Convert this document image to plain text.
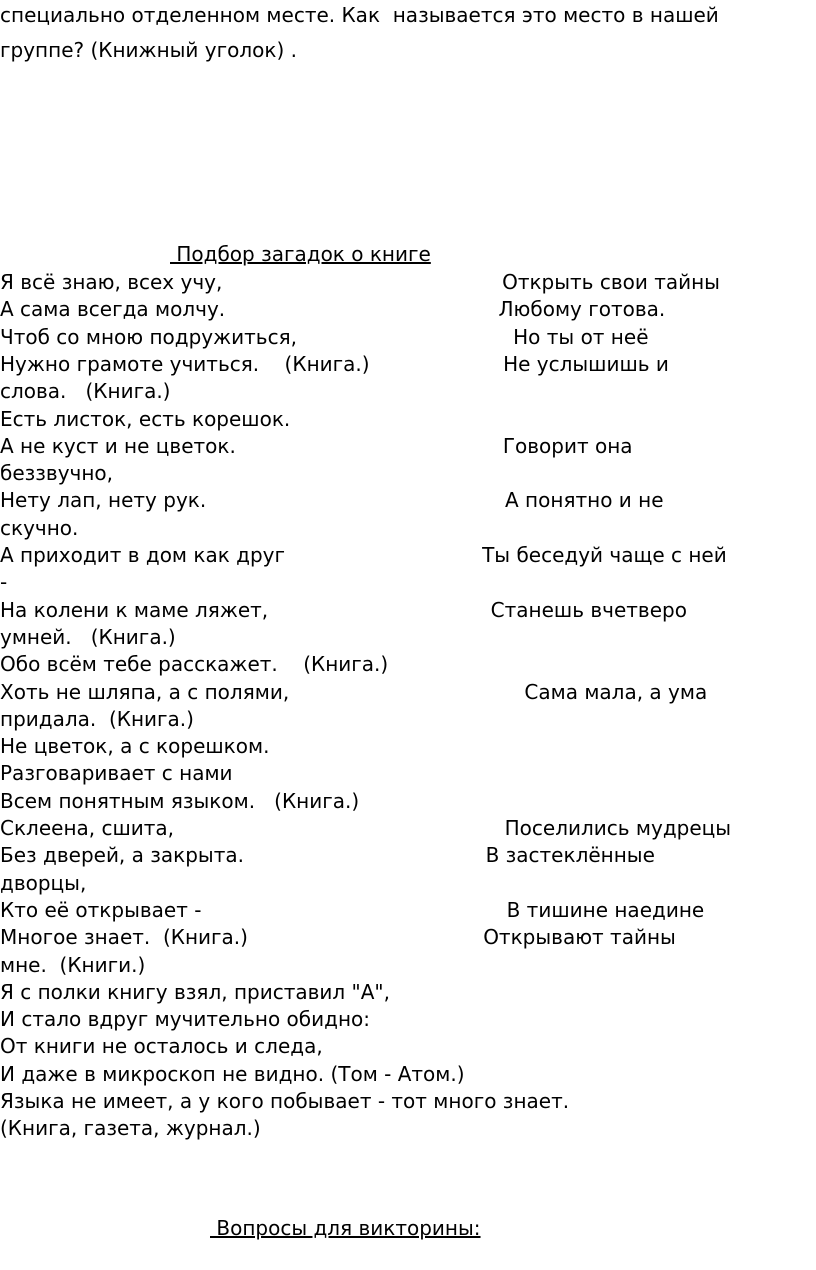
специально отделенном месте. Как  называется это место в нашей
группе? (Книжный уголок) .
Подбор загадок о книге
Я всё знаю, всех учу,                                            Открыть свои тайны
А сама всегда молчу.                                           Любому готова.
Чтоб со мною подружиться,                                  Но ты от неё
Нужно грамоте учиться.    (Книга.)                     Не услышишь и
слова.   (Книга.)
Есть листок, есть корешок.
А не куст и не цветок.                                          Говорит она
беззвучно,
Нету лап, нету рук.                                               А понятно и не
скучно.
А приходит в дом как друг                               Ты беседуй чаще с ней
-
На колени к маме ляжет,                                   Станешь вчетверо
умней.   (Книга.)
Обо всём тебе расскажет.    (Книга.)
Хоть не шляпа, а с полями,                                     Сама мала, а ума
придала.  (Книга.)
Не цветок, а с корешком.
Разговаривает с нами
Всем понятным языком.   (Книга.)
Склеена, сшита,                                                    Поселились мудрецы
Без дверей, а закрыта.                                      В застеклённые
дворцы,
Кто её открывает -                                                В тишине наедине
Многое знает.  (Книга.)                                     Открывают тайны
мне.  (Книги.)
Я с полки книгу взял, приставил "А",
И стало вдруг мучительно обидно:
От книги не осталось и следа,
И даже в микроскоп не видно. (Том - Атом.)
Языка не имеет, а у кого побывает - тот много знает.
(Книга, газета, журнал.)
Вопросы для викторины:
